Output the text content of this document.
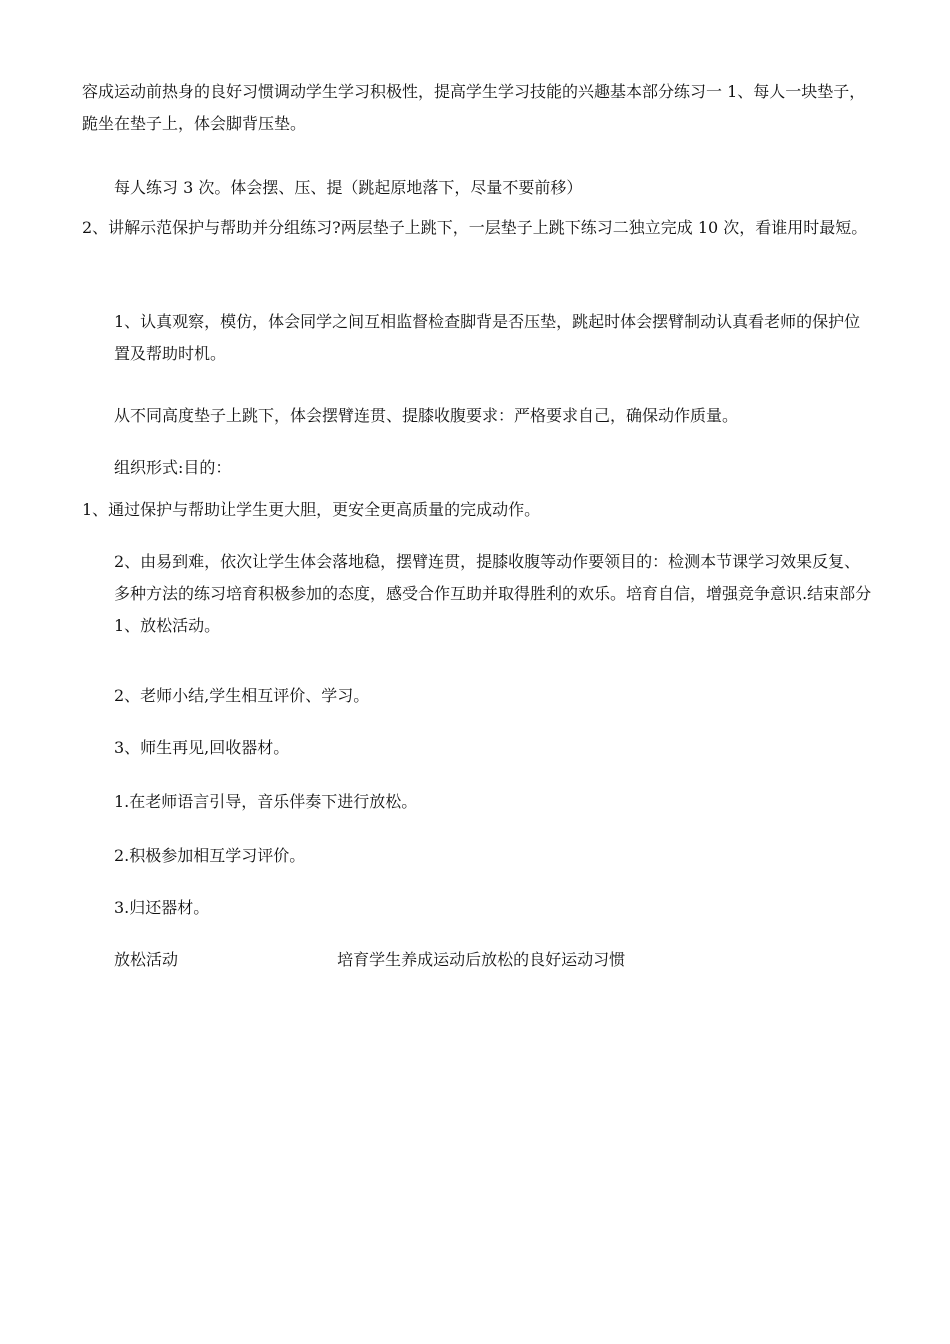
容成运动前热身的良好习惯调动学生学习积极性，提高学生学习技能的兴趣基本部分练习一 1、每人一块垫子，跪坐在垫子上，体会脚背压垫。

每人练习 3 次。体会摆、压、提（跳起原地落下，尽量不要前移）

2、讲解示范保护与帮助并分组练习?两层垫子上跳下，一层垫子上跳下练习二独立完成 10 次，看谁用时最短。

1、认真观察，模仿，体会同学之间互相监督检查脚背是否压垫，跳起时体会摆臂制动认真看老师的保护位置及帮助时机。

从不同高度垫子上跳下，体会摆臂连贯、提膝收腹要求：严格要求自己，确保动作质量。

组织形式:目的：

1、通过保护与帮助让学生更大胆，更安全更高质量的完成动作。

2、由易到难，依次让学生体会落地稳，摆臂连贯，提膝收腹等动作要领目的：检测本节课学习效果反复、多种方法的练习培育积极参加的态度，感受合作互助并取得胜利的欢乐。培育自信，增强竞争意识.结束部分 1、放松活动。

2、老师小结,学生相互评价、学习。

3、师生再见,回收器材。

1.在老师语言引导，音乐伴奏下进行放松。

2.积极参加相互学习评价。

3.归还器材。

放松活动	培育学生养成运动后放松的良好运动习惯
